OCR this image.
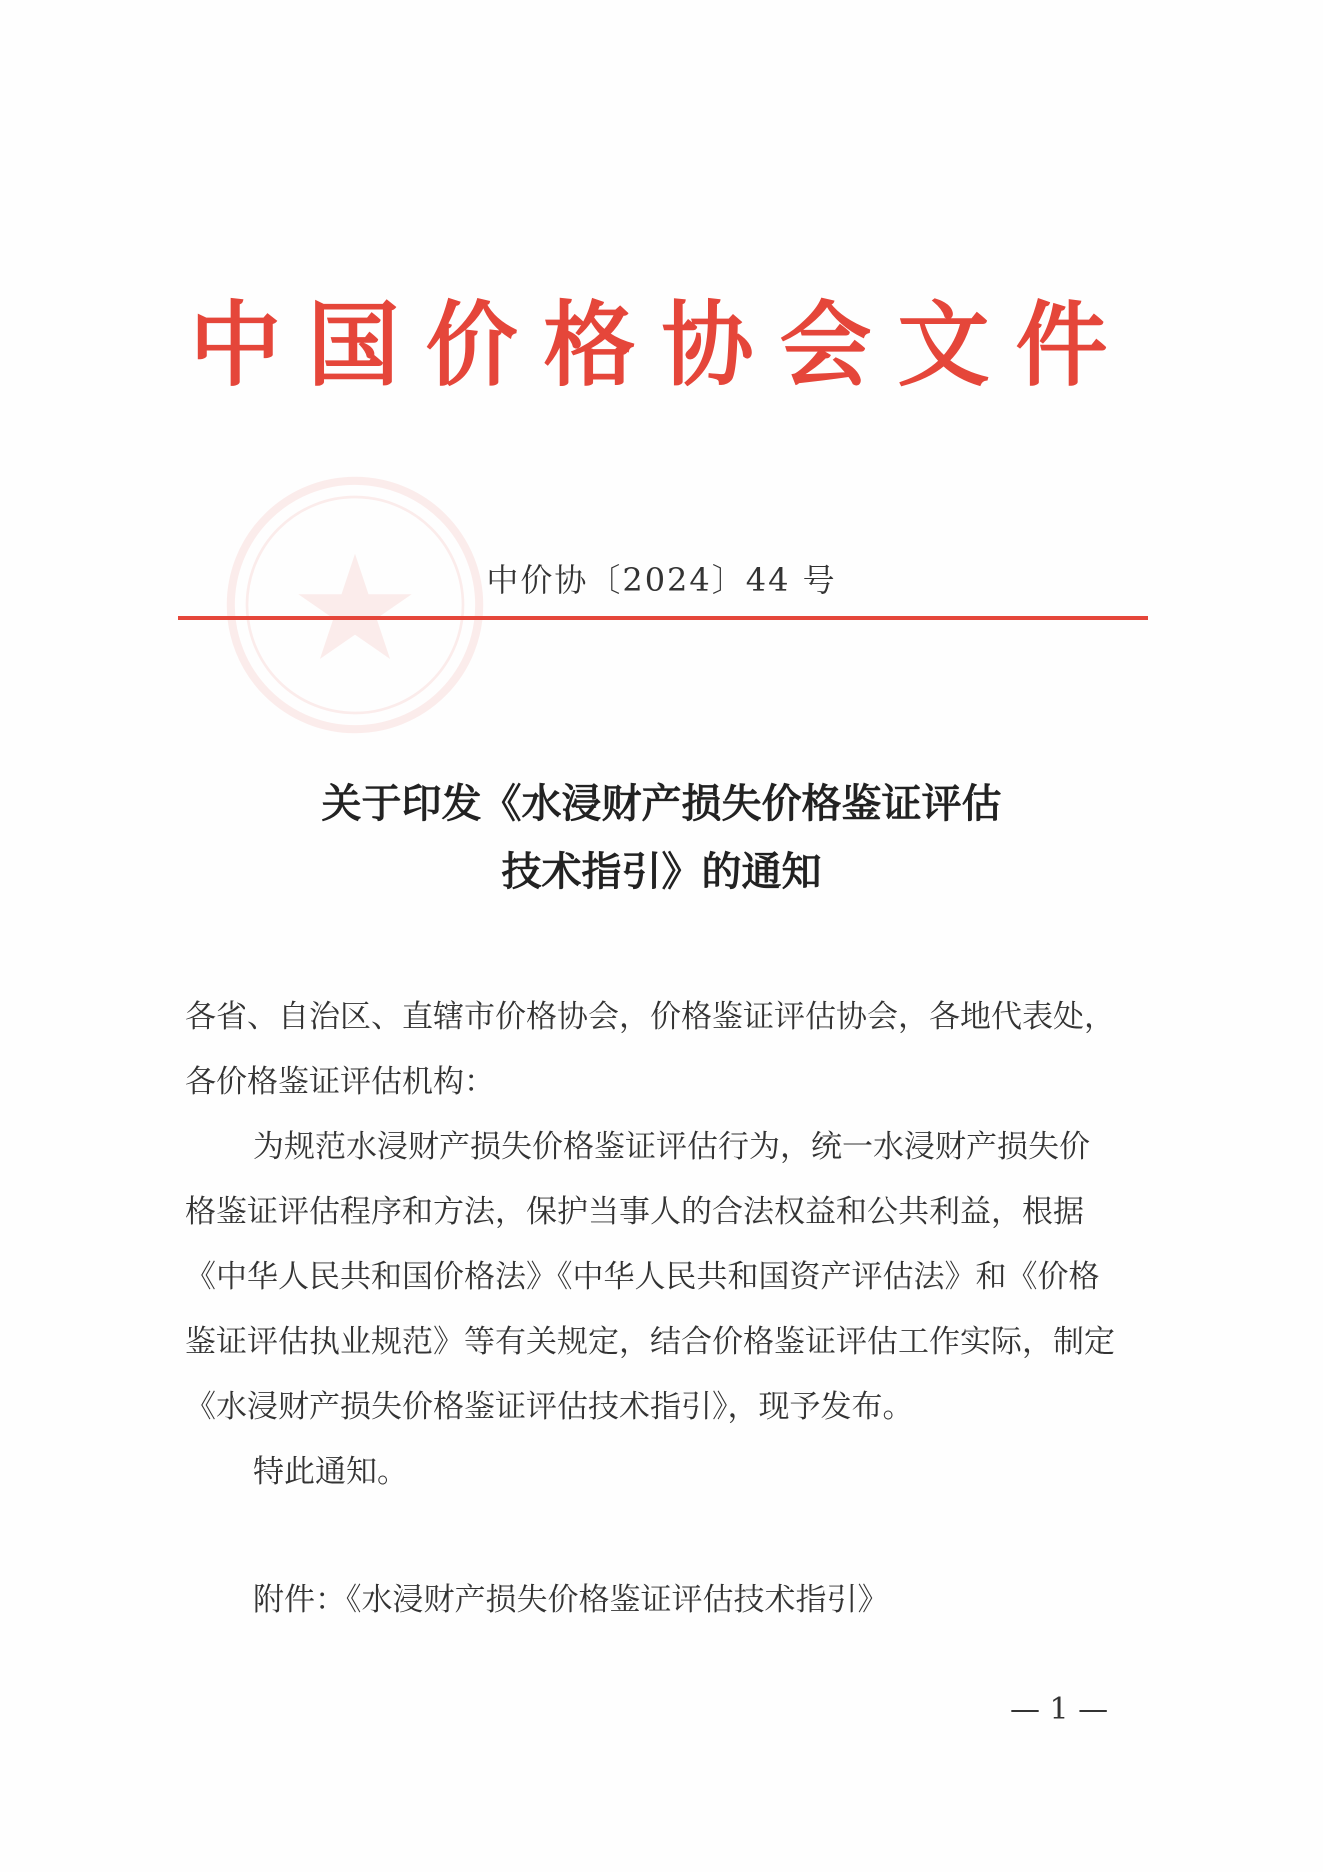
中国价格协会文件
中价协〔2024〕44 号
关于印发《水浸财产损失价格鉴证评估
技术指引》的通知
各省、自治区、直辖市价格协会，价格鉴证评估协会，各地代表处，
各价格鉴证评估机构：
为规范水浸财产损失价格鉴证评估行为，统一水浸财产损失价
格鉴证评估程序和方法，保护当事人的合法权益和公共利益，根据
《中华人民共和国价格法》《中华人民共和国资产评估法》和《价格
鉴证评估执业规范》等有关规定，结合价格鉴证评估工作实际，制定
《水浸财产损失价格鉴证评估技术指引》，现予发布。
特此通知。
附件：《水浸财产损失价格鉴证评估技术指引》
— 1 —
